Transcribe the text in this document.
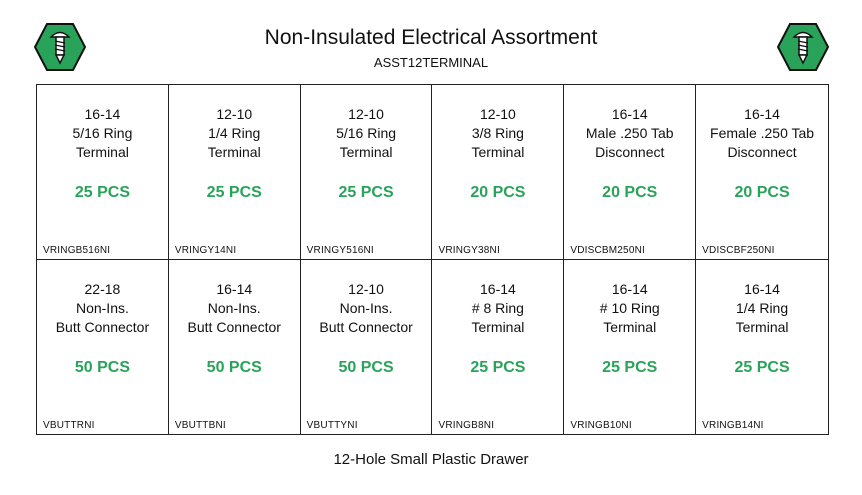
Non-Insulated Electrical Assortment
ASST12TERMINAL
16-14
5/16 Ring
Terminal
25 PCS
VRINGB516NI
12-10
1/4 Ring
Terminal
25 PCS
VRINGY14NI
12-10
5/16 Ring
Terminal
25 PCS
VRINGY516NI
12-10
3/8 Ring
Terminal
20 PCS
VRINGY38NI
16-14
Male .250 Tab
Disconnect
20 PCS
VDISCBM250NI
16-14
Female .250 Tab
Disconnect
20 PCS
VDISCBF250NI
22-18
Non-Ins.
Butt Connector
50 PCS
VBUTTRNI
16-14
Non-Ins.
Butt Connector
50 PCS
VBUTTBNI
12-10
Non-Ins.
Butt Connector
50 PCS
VBUTTYNI
16-14
# 8 Ring
Terminal
25 PCS
VRINGB8NI
16-14
# 10 Ring
Terminal
25 PCS
VRINGB10NI
16-14
1/4 Ring
Terminal
25 PCS
VRINGB14NI
12-Hole Small Plastic Drawer
